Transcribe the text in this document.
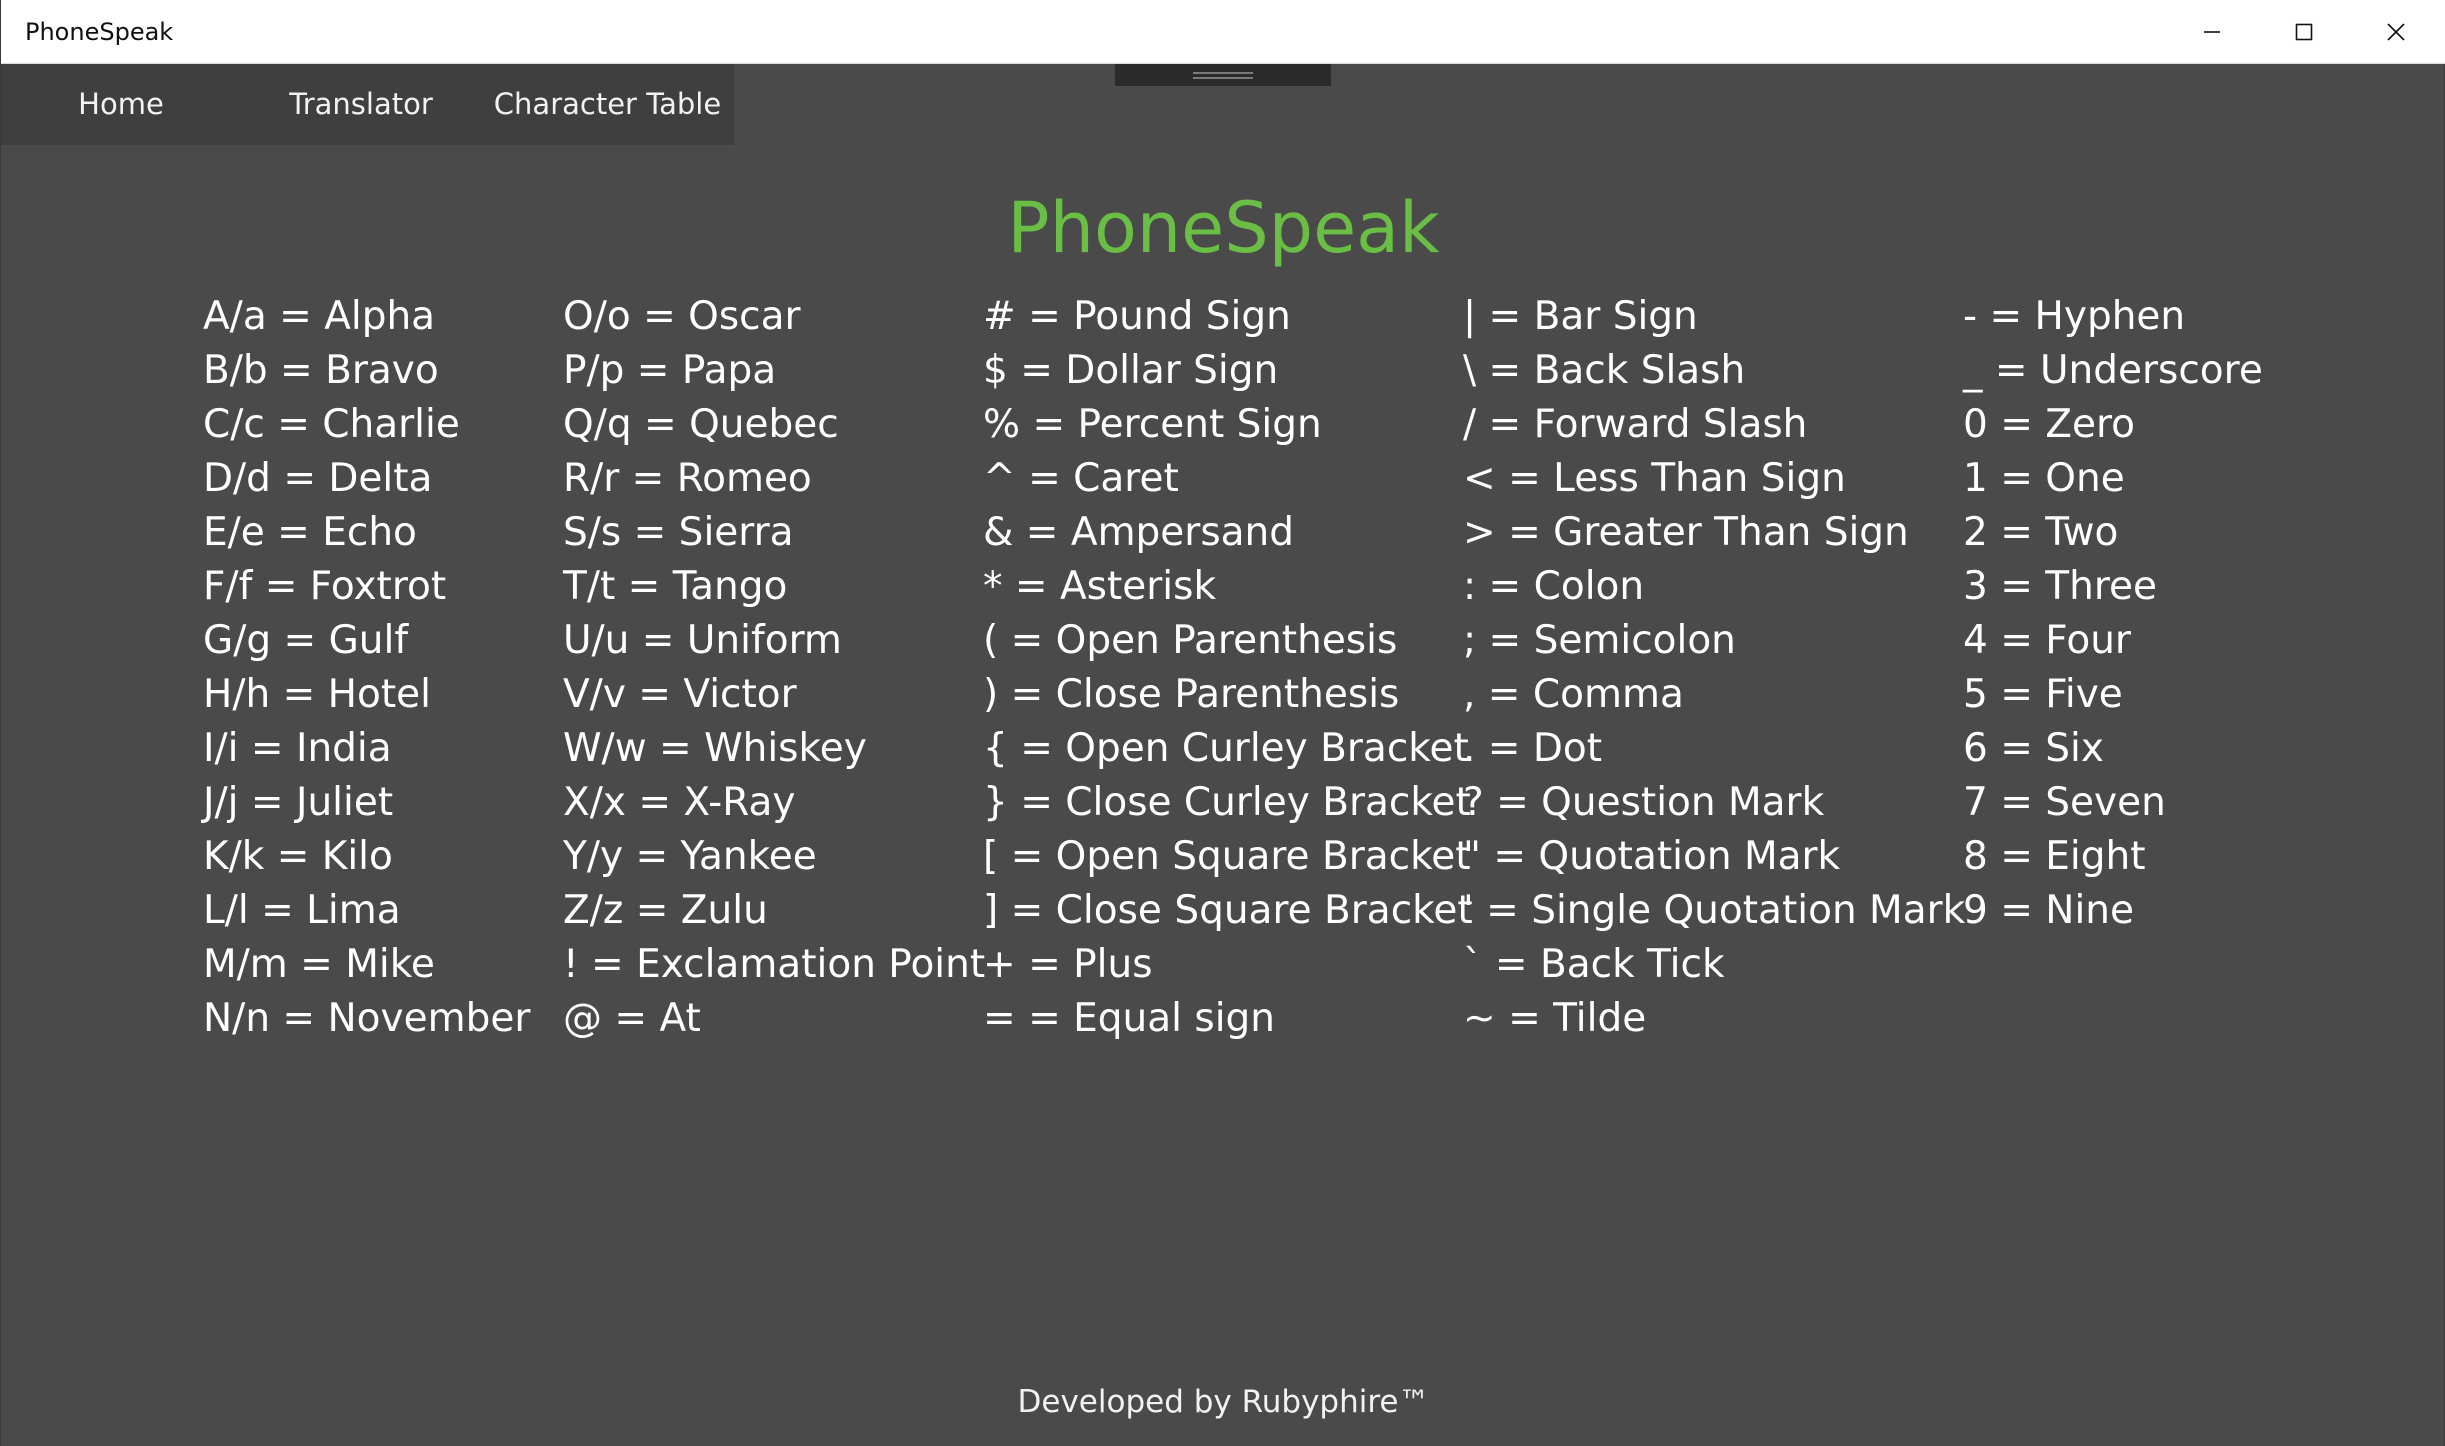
PhoneSpeak
Home	Translator	Character Table
PhoneSpeak
A/a = Alpha
B/b = Bravo
C/c = Charlie
D/d = Delta
E/e = Echo
F/f = Foxtrot
G/g = Gulf
H/h = Hotel
I/i = India
J/j = Juliet
K/k = Kilo
L/l = Lima
M/m = Mike
N/n = November
O/o = Oscar
P/p = Papa
Q/q = Quebec
R/r = Romeo
S/s = Sierra
T/t = Tango
U/u = Uniform
V/v = Victor
W/w = Whiskey
X/x = X-Ray
Y/y = Yankee
Z/z = Zulu
! = Exclamation Point
@ = At
# = Pound Sign
$ = Dollar Sign
% = Percent Sign
^ = Caret
& = Ampersand
* = Asterisk
( = Open Parenthesis
) = Close Parenthesis
{ = Open Curley Bracket
} = Close Curley Bracket
[ = Open Square Bracket
] = Close Square Bracket
+ = Plus
= = Equal sign
| = Bar Sign
\ = Back Slash
/ = Forward Slash
< = Less Than Sign
> = Greater Than Sign
: = Colon
; = Semicolon
, = Comma
. = Dot
? = Question Mark
" = Quotation Mark
' = Single Quotation Mark
` = Back Tick
~ = Tilde
- = Hyphen
_ = Underscore
0 = Zero
1 = One
2 = Two
3 = Three
4 = Four
5 = Five
6 = Six
7 = Seven
8 = Eight
9 = Nine
Developed by Rubyphire™
